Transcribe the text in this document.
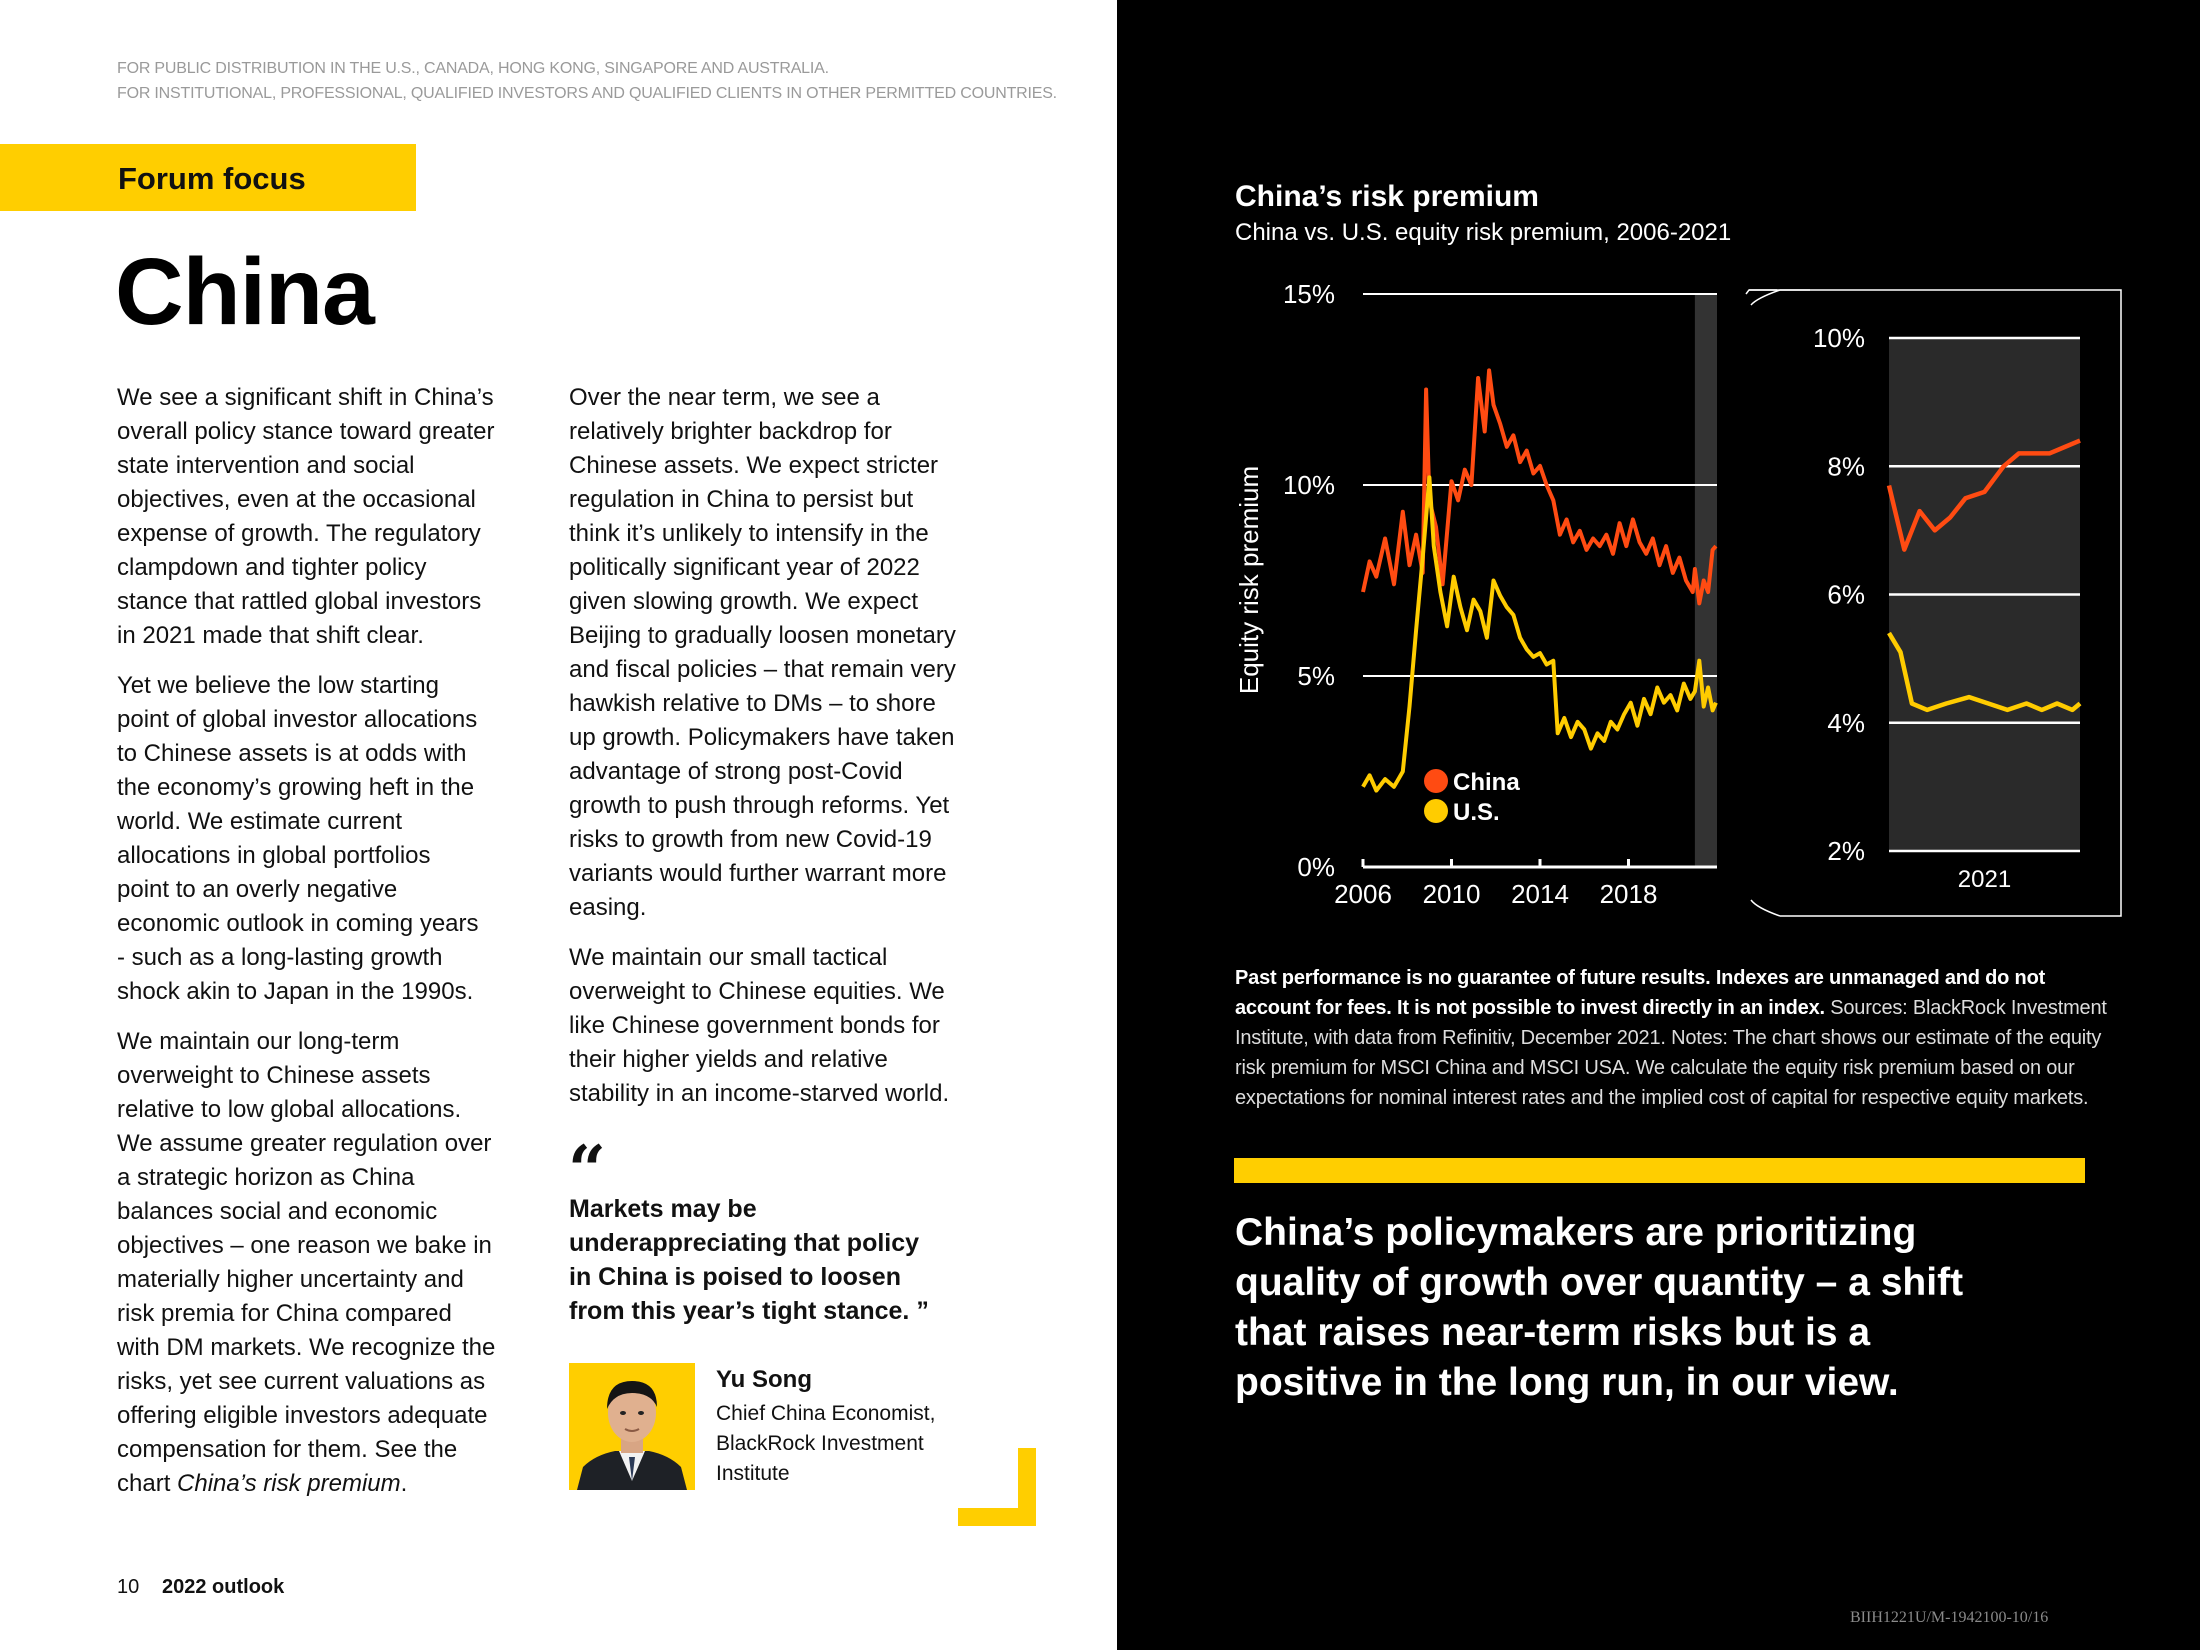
FOR PUBLIC DISTRIBUTION IN THE U.S., CANADA, HONG KONG, SINGAPORE AND AUSTRALIA.
FOR INSTITUTIONAL, PROFESSIONAL, QUALIFIED INVESTORS AND QUALIFIED CLIENTS IN OTHER PERMITTED COUNTRIES.
Forum focus
China

We see a significant shift in China’s
overall policy stance toward greater
state intervention and social
objectives, even at the occasional
expense of growth. The regulatory
clampdown and tighter policy
stance that rattled global investors
in 2021 made that shift clear.

Yet we believe the low starting
point of global investor allocations
to Chinese assets is at odds with
the economy’s growing heft in the
world. We estimate current
allocations in global portfolios
point to an overly negative
economic outlook in coming years
- such as a long-lasting growth
shock akin to Japan in the 1990s.

We maintain our long-term
overweight to Chinese assets
relative to low global allocations.
We assume greater regulation over
a strategic horizon as China
balances social and economic
objectives – one reason we bake in
materially higher uncertainty and
risk premia for China compared
with DM markets. We recognize the
risks, yet see current valuations as
offering eligible investors adequate
compensation for them. See the
chart China’s risk premium.

Over the near term, we see a
relatively brighter backdrop for
Chinese assets. We expect stricter
regulation in China to persist but
think it’s unlikely to intensify in the
politically significant year of 2022
given slowing growth. We expect
Beijing to gradually loosen monetary
and fiscal policies – that remain very
hawkish relative to DMs – to shore
up growth. Policymakers have taken
advantage of strong post-Covid
growth to push through reforms. Yet
risks to growth from new Covid-19
variants would further warrant more
easing.

We maintain our small tactical
overweight to Chinese equities. We
like Chinese government bonds for
their higher yields and relative
stability in an income-starved world.

“
Markets may be
underappreciating that policy
in China is poised to loosen
from this year’s tight stance. ”
Yu Song
Chief China Economist,
BlackRock Investment
Institute
10 2022 outlook
China’s risk premium
China vs. U.S. equity risk premium, 2006-2021
0%
5%
10%
15%
2006 2010 2014 2018
Equity risk premium
China
U.S.
2%
4%
6%
8%
10%
2021
Past performance is no guarantee of future results. Indexes are unmanaged and do not account for fees. It is not possible to invest directly in an index. Sources: BlackRock Investment Institute, with data from Refinitiv, December 2021. Notes: The chart shows our estimate of the equity risk premium for MSCI China and MSCI USA. We calculate the equity risk premium based on our expectations for nominal interest rates and the implied cost of capital for respective equity markets.
China’s policymakers are prioritizing
quality of growth over quantity – a shift
that raises near-term risks but is a
positive in the long run, in our view.
BIIH1221U/M-1942100-10/16
